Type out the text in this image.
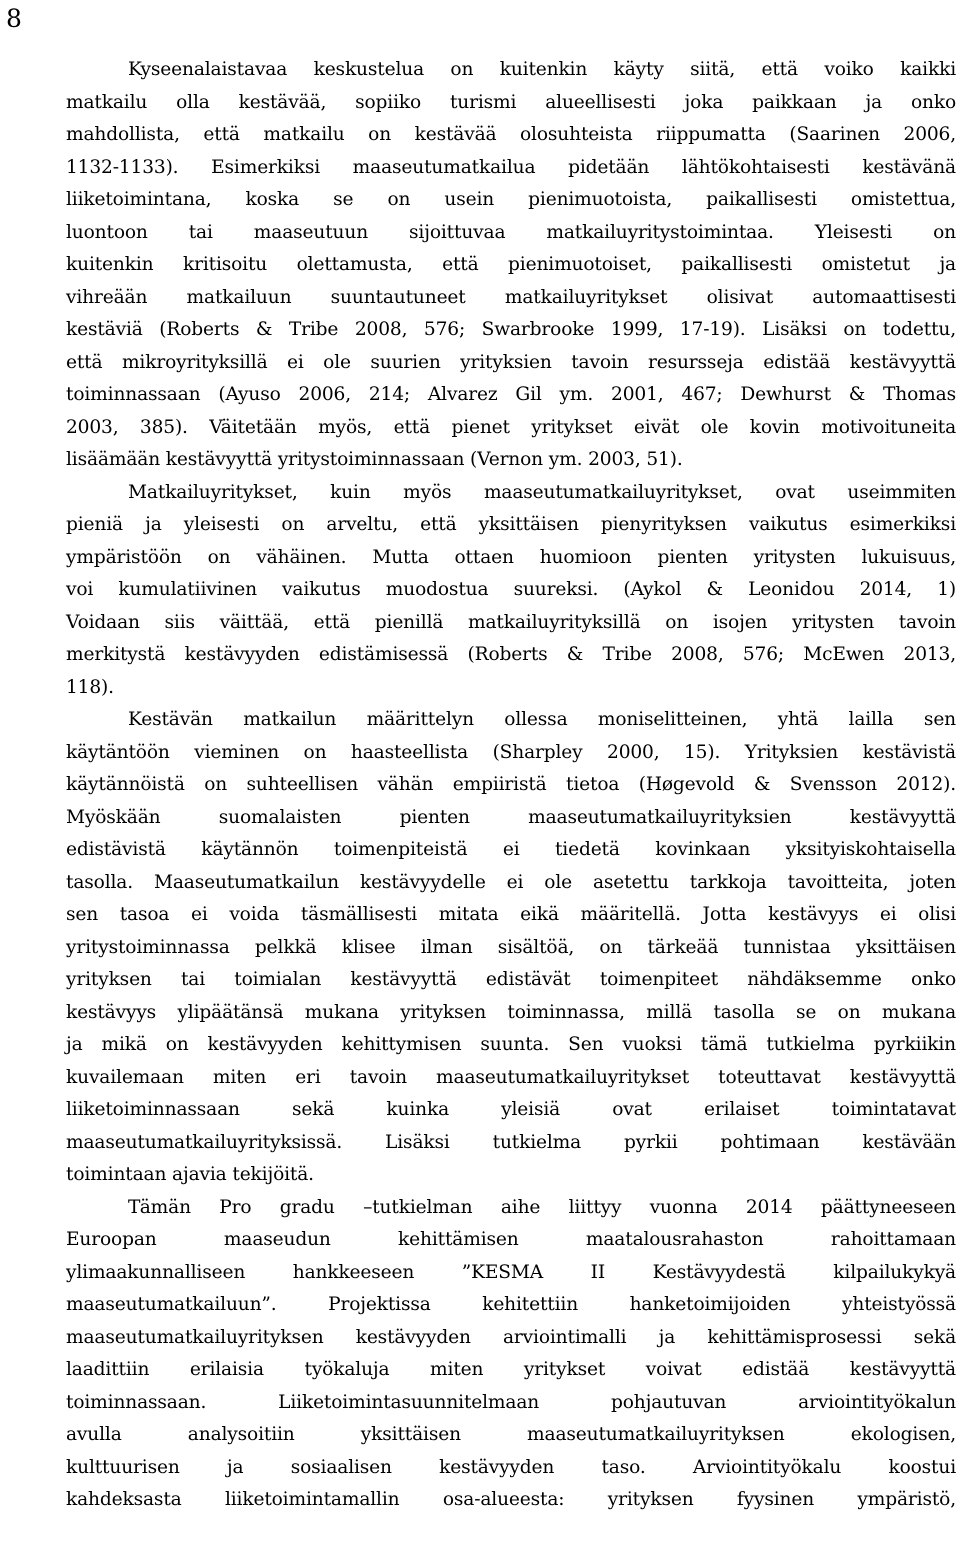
8
Kyseenalaistavaa keskustelua on kuitenkin käyty siitä, että voiko kaikki
matkailu olla kestävää, sopiiko turismi alueellisesti joka paikkaan ja onko
mahdollista, että matkailu on kestävää olosuhteista riippumatta (Saarinen 2006,
1132-1133). Esimerkiksi maaseutumatkailua pidetään lähtökohtaisesti kestävänä
liiketoimintana, koska se on usein pienimuotoista, paikallisesti omistettua,
luontoon tai maaseutuun sijoittuvaa matkailuyritystoimintaa. Yleisesti on
kuitenkin kritisoitu olettamusta, että pienimuotoiset, paikallisesti omistetut ja
vihreään matkailuun suuntautuneet matkailuyritykset olisivat automaattisesti
kestäviä (Roberts & Tribe 2008, 576; Swarbrooke 1999, 17-19). Lisäksi on todettu,
että mikroyrityksillä ei ole suurien yrityksien tavoin resursseja edistää kestävyyttä
toiminnassaan (Ayuso 2006, 214; Alvarez Gil ym. 2001, 467; Dewhurst & Thomas
2003, 385). Väitetään myös, että pienet yritykset eivät ole kovin motivoituneita
lisäämään kestävyyttä yritystoiminnassaan (Vernon ym. 2003, 51).
Matkailuyritykset, kuin myös maaseutumatkailuyritykset, ovat useimmiten
pieniä ja yleisesti on arveltu, että yksittäisen pienyrityksen vaikutus esimerkiksi
ympäristöön on vähäinen. Mutta ottaen huomioon pienten yritysten lukuisuus,
voi kumulatiivinen vaikutus muodostua suureksi. (Aykol & Leonidou 2014, 1)
Voidaan siis väittää, että pienillä matkailuyrityksillä on isojen yritysten tavoin
merkitystä kestävyyden edistämisessä (Roberts & Tribe 2008, 576; McEwen 2013,
118).
Kestävän matkailun määrittelyn ollessa moniselitteinen, yhtä lailla sen
käytäntöön vieminen on haasteellista (Sharpley 2000, 15). Yrityksien kestävistä
käytännöistä on suhteellisen vähän empiiristä tietoa (Høgevold & Svensson 2012).
Myöskään suomalaisten pienten maaseutumatkailuyrityksien kestävyyttä
edistävistä käytännön toimenpiteistä ei tiedetä kovinkaan yksityiskohtaisella
tasolla. Maaseutumatkailun kestävyydelle ei ole asetettu tarkkoja tavoitteita, joten
sen tasoa ei voida täsmällisesti mitata eikä määritellä. Jotta kestävyys ei olisi
yritystoiminnassa pelkkä klisee ilman sisältöä, on tärkeää tunnistaa yksittäisen
yrityksen tai toimialan kestävyyttä edistävät toimenpiteet nähdäksemme onko
kestävyys ylipäätänsä mukana yrityksen toiminnassa, millä tasolla se on mukana
ja mikä on kestävyyden kehittymisen suunta. Sen vuoksi tämä tutkielma pyrkiikin
kuvailemaan miten eri tavoin maaseutumatkailuyritykset toteuttavat kestävyyttä
liiketoiminnassaan sekä kuinka yleisiä ovat erilaiset toimintatavat
maaseutumatkailuyrityksissä. Lisäksi tutkielma pyrkii pohtimaan kestävään
toimintaan ajavia tekijöitä.
Tämän Pro gradu –tutkielman aihe liittyy vuonna 2014 päättyneeseen
Euroopan maaseudun kehittämisen maatalousrahaston rahoittamaan
ylimaakunnalliseen hankkeeseen ”KESMA II Kestävyydestä kilpailukykyä
maaseutumatkailuun”. Projektissa kehitettiin hanketoimijoiden yhteistyössä
maaseutumatkailuyrityksen kestävyyden arviointimalli ja kehittämisprosessi sekä
laadittiin erilaisia työkaluja miten yritykset voivat edistää kestävyyttä
toiminnassaan. Liiketoimintasuunnitelmaan pohjautuvan arviointityökalun
avulla analysoitiin yksittäisen maaseutumatkailuyrityksen ekologisen,
kulttuurisen ja sosiaalisen kestävyyden taso. Arviointityökalu koostui
kahdeksasta liiketoimintamallin osa-alueesta: yrityksen fyysinen ympäristö,
